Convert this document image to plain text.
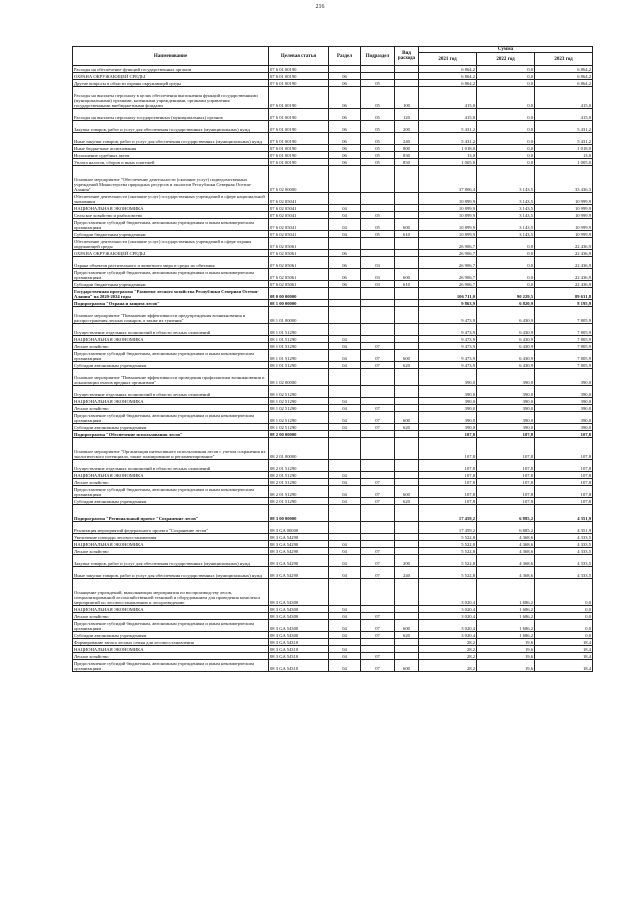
216
Наименование	Целевая статья	Раздел	Подраздел	Вид расхода	Сумма		
					2021 год	2022 год	2023 год
Расходы на обеспечение функций государственных органов	07 6 01 00190				6 864,2	0,0	6 864,2
ОХРАНА ОКРУЖАЮЩЕЙ СРЕДЫ	07 6 01 00190	06			6 864,2	0,0	6 864,2
Другие вопросы в области охраны окружающей среды	07 6 01 00190	06	05		6 864,2	0,0	6 864,2
Расходы на выплаты персоналу в целях обеспечения выполнения функций государственными (муниципальными) органами, казенными учреждениями, органами управления государственными внебюджетными фондами	07 6 01 00190	06	05	100	415,0	0,0	415,0
Расходы на выплаты персоналу государственных (муниципальных) органов	07 6 01 00190	06	05	120	415,0	0,0	415,0
Закупка товаров, работ и услуг для обеспечения государственных (муниципальных) нужд	07 6 01 00190	06	05	200	5 431,2	0,0	5 431,2
Иные закупки товаров, работ и услуг для обеспечения государственных (муниципальных) нужд	07 6 01 00190	06	05	240	5 431,2	0,0	5 431,2
Иные бюджетные ассигнования	07 6 01 00190	06	05	800	1 018,0	0,0	1 018,0
Исполнение судебных актов	07 6 01 00190	06	05	830	13,0	0,0	13,0
Уплата налогов, сборов и иных платежей	07 6 01 00190	06	05	850	1 005,0	0,0	1 005,0
Основное мероприятие "Обеспечение деятельности (оказание услуг) подведомственных учреждений Министерства природных ресурсов и экологии Республики Северная Осетия-Алания"	07 6 02 00000				37 806,4	3 143,5	33 436,3
Обеспечение деятельности (оказание услуг) государственных учреждений в сфере национальной экономики	07 6 02 05041				10 899,9	3 143,5	10 999,9
НАЦИОНАЛЬНАЯ ЭКОНОМИКА	07 6 02 05041	04			10 899,9	3 143,5	10 999,9
Сельское хозяйство и рыболовство	07 6 02 05041	04	05		10 899,9	3 143,5	10 999,9
Предоставление субсидий бюджетным, автономным учреждениям и иным некоммерческим организациям	07 6 02 05041	04	05	600	10 899,9	3 143,5	10 999,9
Субсидии бюджетным учреждениям	07 6 02 05041	04	05	610	10 899,9	3 143,5	10 999,9
Обеспечение деятельности (оказание услуг) государственных учреждений в сфере охраны окружающей среды	07 6 02 05061				26 906,7	0,0	22 436,9
ОХРАНА ОКРУЖАЮЩЕЙ СРЕДЫ	07 6 02 05061	06			26 906,7	0,0	22 436,9
Охрана объектов растительного и животного мира и среды их обитания	07 6 02 05061	06	03		26 906,7	0,0	22 436,9
Предоставление субсидий бюджетным, автономным учреждениям и иным некоммерческим организациям	07 6 02 05061	06	03	600	26 906,7	0,0	22 436,9
Субсидии бюджетным учреждениям	07 6 02 05061	06	03	610	26 906,7	0,0	22 436,9
Государственная программа "Развитие лесного хозяйства Республики Северная Осетия-Алания" на 2020-2024 годы	08 0 00 00000				106 711,0	90 229,5	89 631,8
Подпрограмма "Охрана и защита лесов"	08 1 00 00000				9 863,9	6 820,9	8 195,9
Основное мероприятие "Повышение эффективности предупреждения возникновения и распространения лесных пожаров, а также их тушения"	08 1 01 00000				9 473,9	6 430,9	7 805,9
Осуществление отдельных полномочий в области лесных отношений	08 1 01 51290				9 473,9	6 430,9	7 805,9
НАЦИОНАЛЬНАЯ ЭКОНОМИКА	08 1 01 51290	04			9 473,9	6 430,9	7 805,9
Лесное хозяйство	08 1 01 51290	04	07		9 473,9	6 430,9	7 805,9
Предоставление субсидий бюджетным, автономным учреждениям и иным некоммерческим организациям	08 1 01 51290	04	07	600	9 473,9	6 430,9	7 805,9
Субсидии автономным учреждениям	08 1 01 51290	04	07	620	9 473,9	6 430,9	7 805,9
Основное мероприятие "Повышение эффективности проведения профилактики возникновения и локализации очагов вредных организмов"	08 1 02 00000				390,0	390,0	390,0
Осуществление отдельных полномочий в области лесных отношений	08 1 02 51290				390,0	390,0	390,0
НАЦИОНАЛЬНАЯ ЭКОНОМИКА	08 1 02 51290	04			390,0	390,0	390,0
Лесное хозяйство	08 1 02 51290	04	07		390,0	390,0	390,0
Предоставление субсидий бюджетным, автономным учреждениям и иным некоммерческим организациям	08 1 02 51290	04	07	600	390,0	390,0	390,0
Субсидии автономным учреждениям	08 1 02 51290	04	07	620	390,0	390,0	390,0
Подпрограмма "Обеспечение использования лесов"	08 2 00 00000				107,8	107,8	107,8
Основное мероприятие "Организация интенсивного использования лесов с учетом сохранения их экологического потенциала, также планирование и регламентирование"	08 2 01 00000				107,8	107,8	107,8
Осуществление отдельных полномочий в области лесных отношений	08 2 01 51290				107,8	107,8	107,8
НАЦИОНАЛЬНАЯ ЭКОНОМИКА	08 2 01 51290	04			107,8	107,8	107,8
Лесное хозяйство	08 2 01 51290	04	07		107,8	107,8	107,8
Предоставление субсидий бюджетным, автономным учреждениям и иным некоммерческим организациям	08 2 01 51290	04	07	600	107,8	107,8	107,8
Субсидии автономным учреждениям	08 2 01 51290	04	07	620	107,8	107,8	107,8
Подпрограмма "Региональный проект "Сохранение лесов"	08 3 00 00000				17 459,2	6 885,2	4 351,9
Реализация мероприятий федерального проекта "Сохранение лесов"	08 3 GA 00000				17 459,2	6 885,2	4 351,9
Увеличение площади лесовосстановления	08 3 GA 54290				5 522,8	4 368,6	4 333,5
НАЦИОНАЛЬНАЯ ЭКОНОМИКА	08 3 GA 54290	04			5 522,8	4 368,6	4 333,5
Лесное хозяйство	08 3 GA 54290	04	07		5 522,8	4 368,6	4 333,5
Закупка товаров, работ и услуг для обеспечения государственных (муниципальных) нужд	08 3 GA 54290	04	07	200	5 522,8	4 368,6	4 333,5
Иные закупки товаров, работ и услуг для обеспечения государственных (муниципальных) нужд	08 3 GA 54290	04	07	240	5 522,8	4 368,6	4 333,5
Оснащение учреждений, выполняющих мероприятия по воспроизводству лесов, специализированной лесохозяйственной техникой и оборудованием для проведения комплекса мероприятий по лесовосстановлению и лесоразведению	08 3 GA 54300				3 020,4	1 686,2	0,0
НАЦИОНАЛЬНАЯ ЭКОНОМИКА	08 3 GA 54300	04			3 020,4	1 686,2	0,0
Лесное хозяйство	08 3 GA 54300	04	07		3 020,4	1 686,2	0,0
Предоставление субсидий бюджетным, автономным учреждениям и иным некоммерческим организациям	08 3 GA 54300	04	07	600	3 020,4	1 686,2	0,0
Субсидии автономным учреждениям	08 3 GA 54300	04	07	620	3 020,4	1 686,2	0,0
Формирование запаса лесных семян для лесовосстановления	08 3 GA 54310				28,2	19,6	18,4
НАЦИОНАЛЬНАЯ ЭКОНОМИКА	08 3 GA 54310	04			28,2	19,6	18,4
Лесное хозяйство	08 3 GA 54310	04	07		28,2	19,6	18,4
Предоставление субсидий бюджетным, автономным учреждениям и иным некоммерческим организациям	08 3 GA 54310	04	07	600	28,2	19,6	18,4
